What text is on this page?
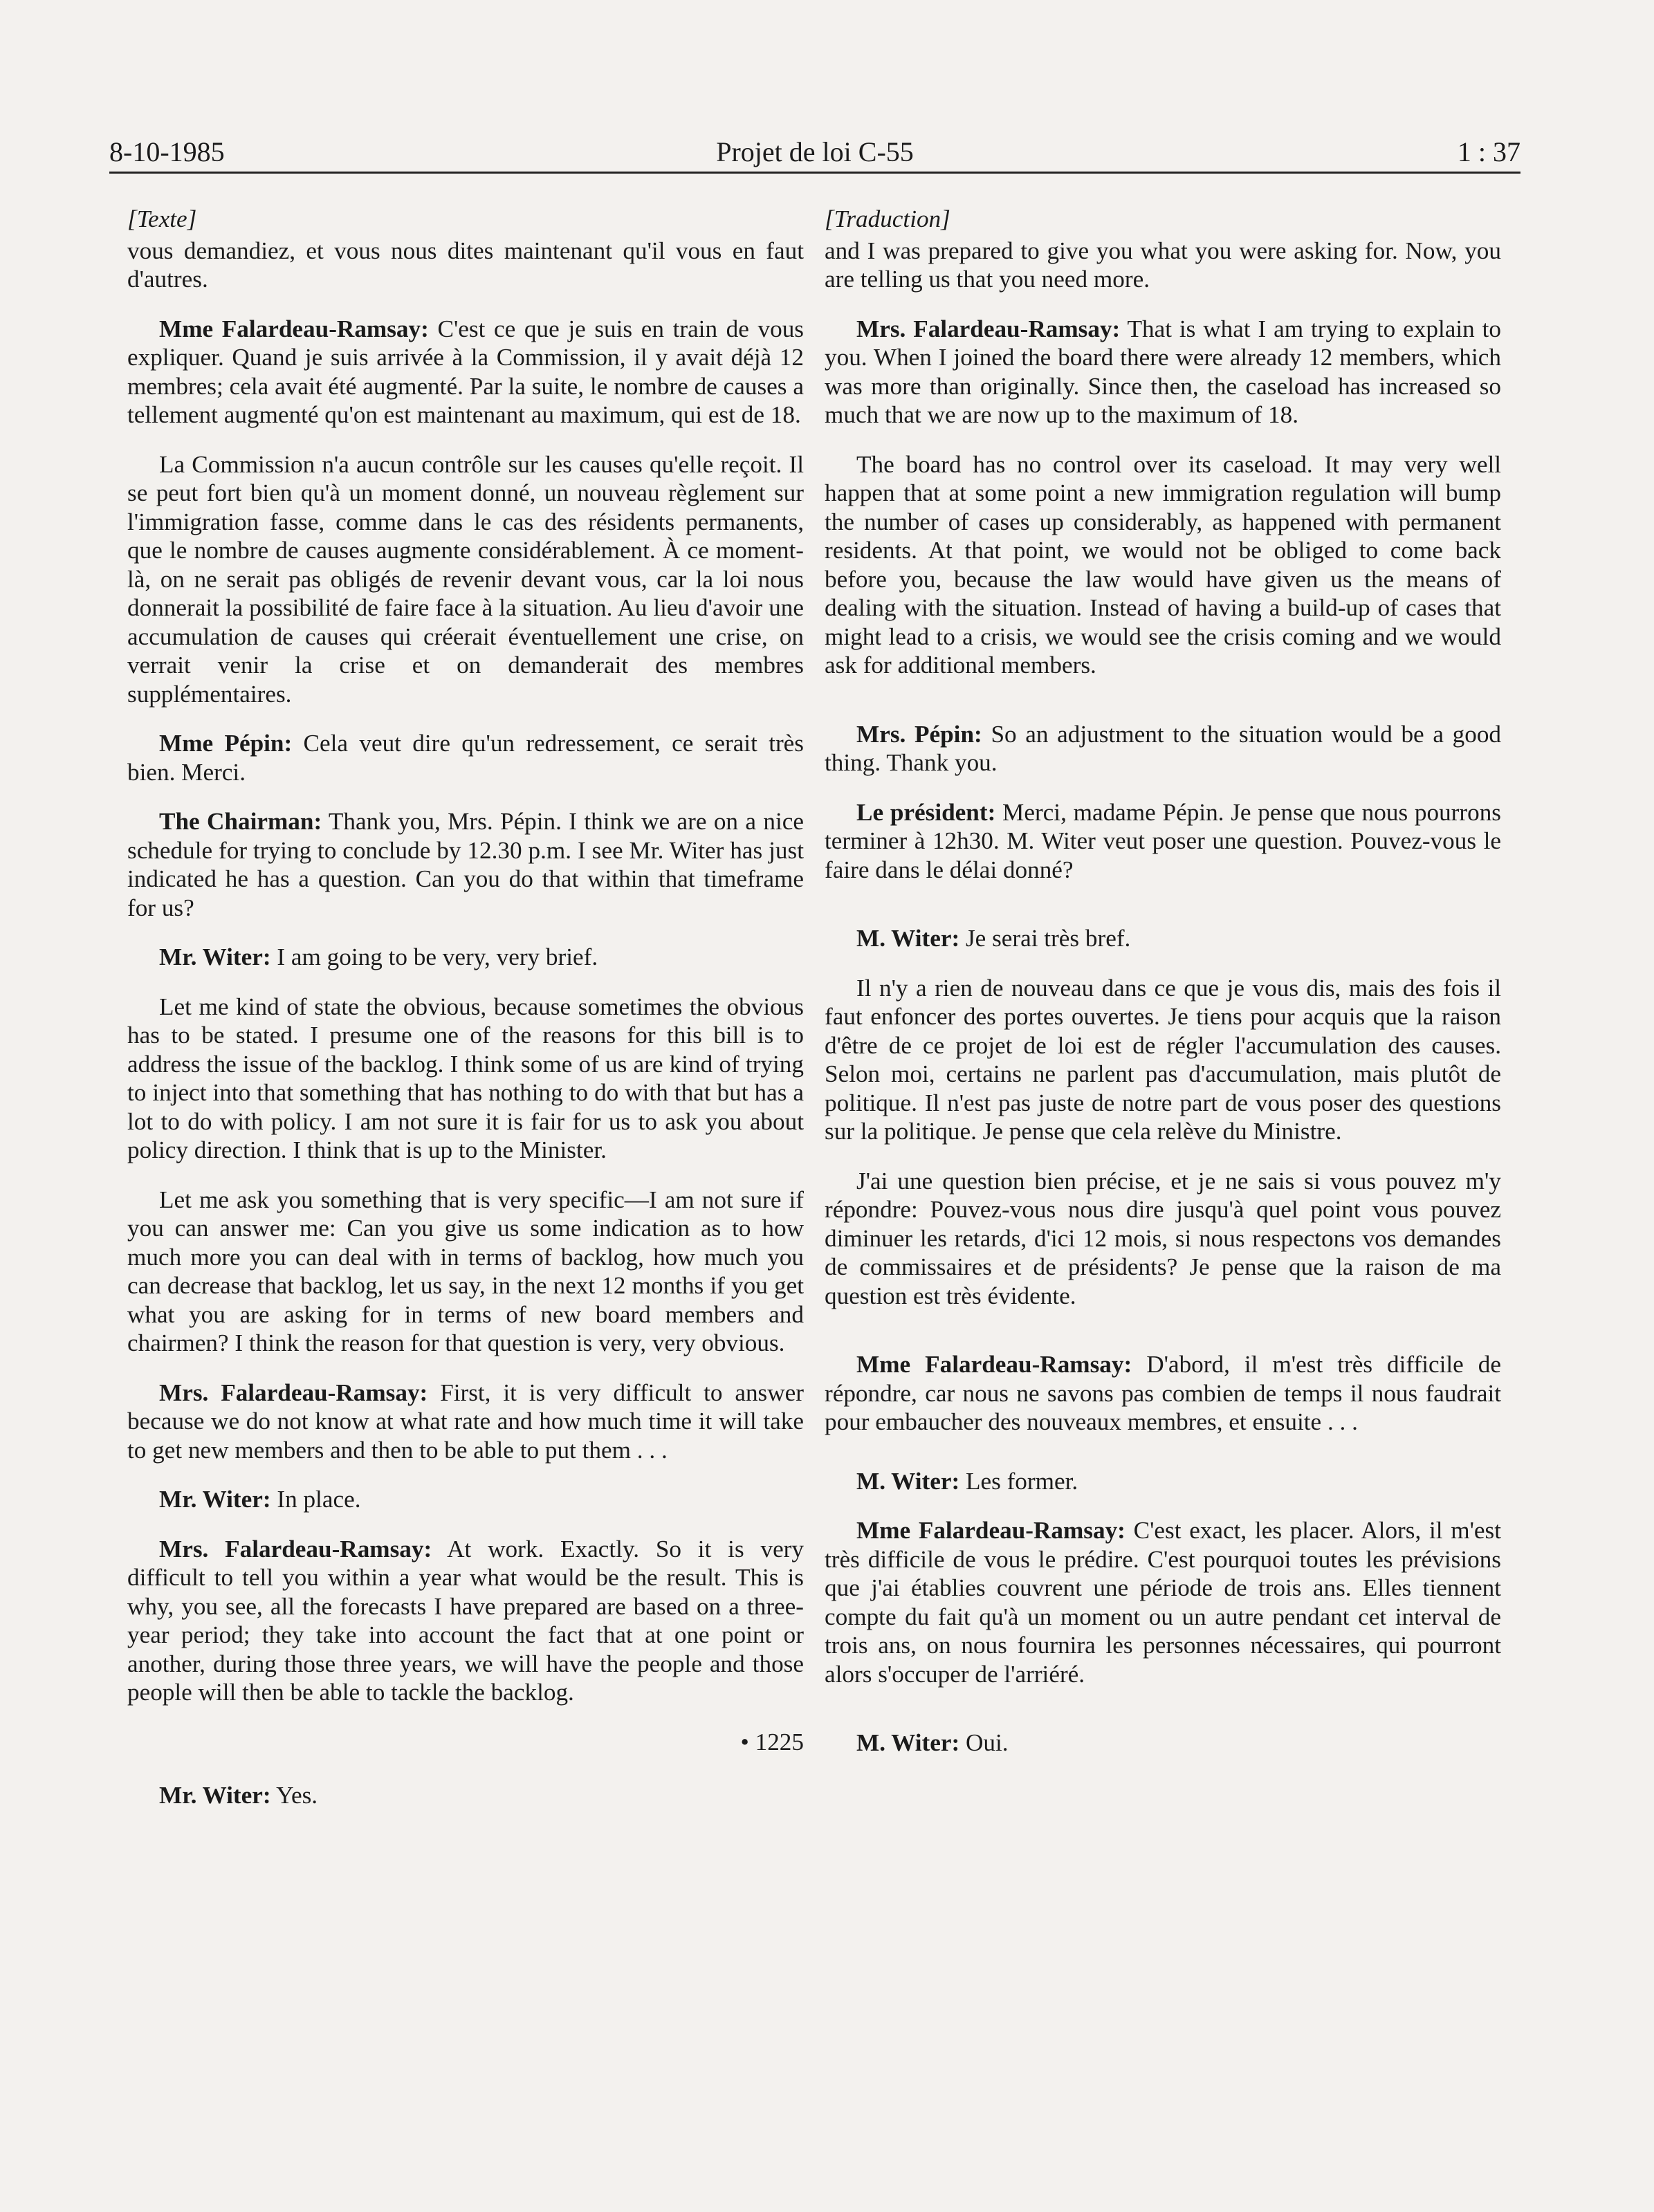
8-10-1985	Projet de loi C-55	1 : 37

[Texte]

vous demandiez, et vous nous dites maintenant qu'il vous en faut d'autres.

Mme Falardeau-Ramsay: C'est ce que je suis en train de vous expliquer. Quand je suis arrivée à la Commission, il y avait déjà 12 membres; cela avait été augmenté. Par la suite, le nombre de causes a tellement augmenté qu'on est maintenant au maximum, qui est de 18.

La Commission n'a aucun contrôle sur les causes qu'elle reçoit. Il se peut fort bien qu'à un moment donné, un nouveau règlement sur l'immigration fasse, comme dans le cas des résidents permanents, que le nombre de causes augmente considérablement. À ce moment-là, on ne serait pas obligés de revenir devant vous, car la loi nous donnerait la possibilité de faire face à la situation. Au lieu d'avoir une accumulation de causes qui créerait éventuellement une crise, on verrait venir la crise et on demanderait des membres supplémentaires.

Mme Pépin: Cela veut dire qu'un redressement, ce serait très bien. Merci.

The Chairman: Thank you, Mrs. Pépin. I think we are on a nice schedule for trying to conclude by 12.30 p.m. I see Mr. Witer has just indicated he has a question. Can you do that within that timeframe for us?

Mr. Witer: I am going to be very, very brief.

Let me kind of state the obvious, because sometimes the obvious has to be stated. I presume one of the reasons for this bill is to address the issue of the backlog. I think some of us are kind of trying to inject into that something that has nothing to do with that but has a lot to do with policy. I am not sure it is fair for us to ask you about policy direction. I think that is up to the Minister.

Let me ask you something that is very specific—I am not sure if you can answer me: Can you give us some indication as to how much more you can deal with in terms of backlog, how much you can decrease that backlog, let us say, in the next 12 months if you get what you are asking for in terms of new board members and chairmen? I think the reason for that question is very, very obvious.

Mrs. Falardeau-Ramsay: First, it is very difficult to answer because we do not know at what rate and how much time it will take to get new members and then to be able to put them . . .

Mr. Witer: In place.

Mrs. Falardeau-Ramsay: At work. Exactly. So it is very difficult to tell you within a year what would be the result. This is why, you see, all the forecasts I have prepared are based on a three-year period; they take into account the fact that at one point or another, during those three years, we will have the people and those people will then be able to tackle the backlog.

• 1225

Mr. Witer: Yes.

[Traduction]

and I was prepared to give you what you were asking for. Now, you are telling us that you need more.

Mrs. Falardeau-Ramsay: That is what I am trying to explain to you. When I joined the board there were already 12 members, which was more than originally. Since then, the caseload has increased so much that we are now up to the maximum of 18.

The board has no control over its caseload. It may very well happen that at some point a new immigration regulation will bump the number of cases up considerably, as happened with permanent residents. At that point, we would not be obliged to come back before you, because the law would have given us the means of dealing with the situation. Instead of having a build-up of cases that might lead to a crisis, we would see the crisis coming and we would ask for additional members.

Mrs. Pépin: So an adjustment to the situation would be a good thing. Thank you.

Le président: Merci, madame Pépin. Je pense que nous pourrons terminer à 12h30. M. Witer veut poser une question. Pouvez-vous le faire dans le délai donné?

M. Witer: Je serai très bref.

Il n'y a rien de nouveau dans ce que je vous dis, mais des fois il faut enfoncer des portes ouvertes. Je tiens pour acquis que la raison d'être de ce projet de loi est de régler l'accumulation des causes. Selon moi, certains ne parlent pas d'accumulation, mais plutôt de politique. Il n'est pas juste de notre part de vous poser des questions sur la politique. Je pense que cela relève du Ministre.

J'ai une question bien précise, et je ne sais si vous pouvez m'y répondre: Pouvez-vous nous dire jusqu'à quel point vous pouvez diminuer les retards, d'ici 12 mois, si nous respectons vos demandes de commissaires et de présidents? Je pense que la raison de ma question est très évidente.

Mme Falardeau-Ramsay: D'abord, il m'est très difficile de répondre, car nous ne savons pas combien de temps il nous faudrait pour embaucher des nouveaux membres, et ensuite . . .

M. Witer: Les former.

Mme Falardeau-Ramsay: C'est exact, les placer. Alors, il m'est très difficile de vous le prédire. C'est pourquoi toutes les prévisions que j'ai établies couvrent une période de trois ans. Elles tiennent compte du fait qu'à un moment ou un autre pendant cet interval de trois ans, on nous fournira les personnes nécessaires, qui pourront alors s'occuper de l'arriéré.

M. Witer: Oui.
